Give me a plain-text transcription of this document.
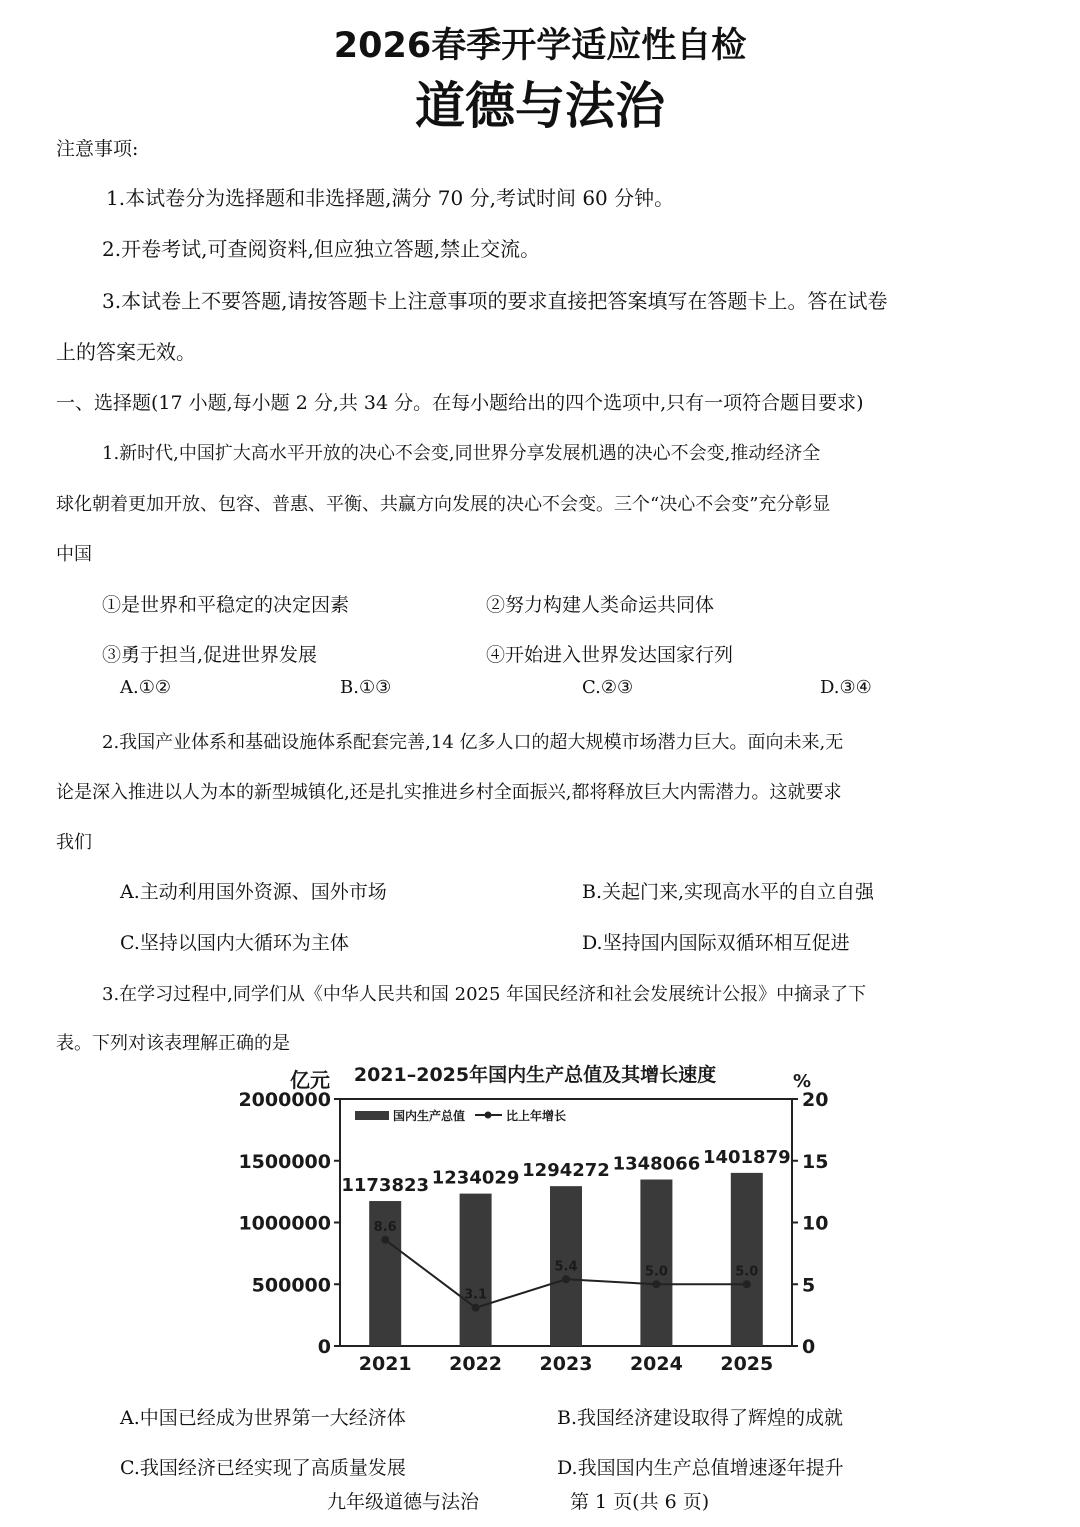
2026春季开学适应性自检
道德与法治
注意事项:
1.本试卷分为选择题和非选择题,满分 70 分,考试时间 60 分钟。
2.开卷考试,可查阅资料,但应独立答题,禁止交流。
3.本试卷上不要答题,请按答题卡上注意事项的要求直接把答案填写在答题卡上。答在试卷
上的答案无效。
一、选择题(17 小题,每小题 2 分,共 34 分。在每小题给出的四个选项中,只有一项符合题目要求)
1.新时代,中国扩大高水平开放的决心不会变,同世界分享发展机遇的决心不会变,推动经济全
球化朝着更加开放、包容、普惠、平衡、共赢方向发展的决心不会变。三个“决心不会变”充分彰显
中国
①是世界和平稳定的决定因素	②努力构建人类命运共同体
③勇于担当,促进世界发展	④开始进入世界发达国家行列
A.①②	B.①③	C.②③	D.③④
2.我国产业体系和基础设施体系配套完善,14 亿多人口的超大规模市场潜力巨大。面向未来,无
论是深入推进以人为本的新型城镇化,还是扎实推进乡村全面振兴,都将释放巨大内需潜力。这就要求
我们
A.主动利用国外资源、国外市场	B.关起门来,实现高水平的自立自强
C.坚持以国内大循环为主体	D.坚持国内国际双循环相互促进
3.在学习过程中,同学们从《中华人民共和国 2025 年国民经济和社会发展统计公报》中摘录了下
表。下列对该表理解正确的是
2021–2025年国内生产总值及其增长速度
亿元	%
2000000
1500000
1000000
500000
0
20
15
10
5
0
国内生产总值	比上年增长
1173823 1234029 1294272 1348066 1401879
8.6
3.1
5.4	5.0	5.0
2021 2022 2023 2024 2025
A.中国已经成为世界第一大经济体	B.我国经济建设取得了辉煌的成就
C.我国经济已经实现了高质量发展	D.我国国内生产总值增速逐年提升
九年级道德与法治	第 1 页(共 6 页)
